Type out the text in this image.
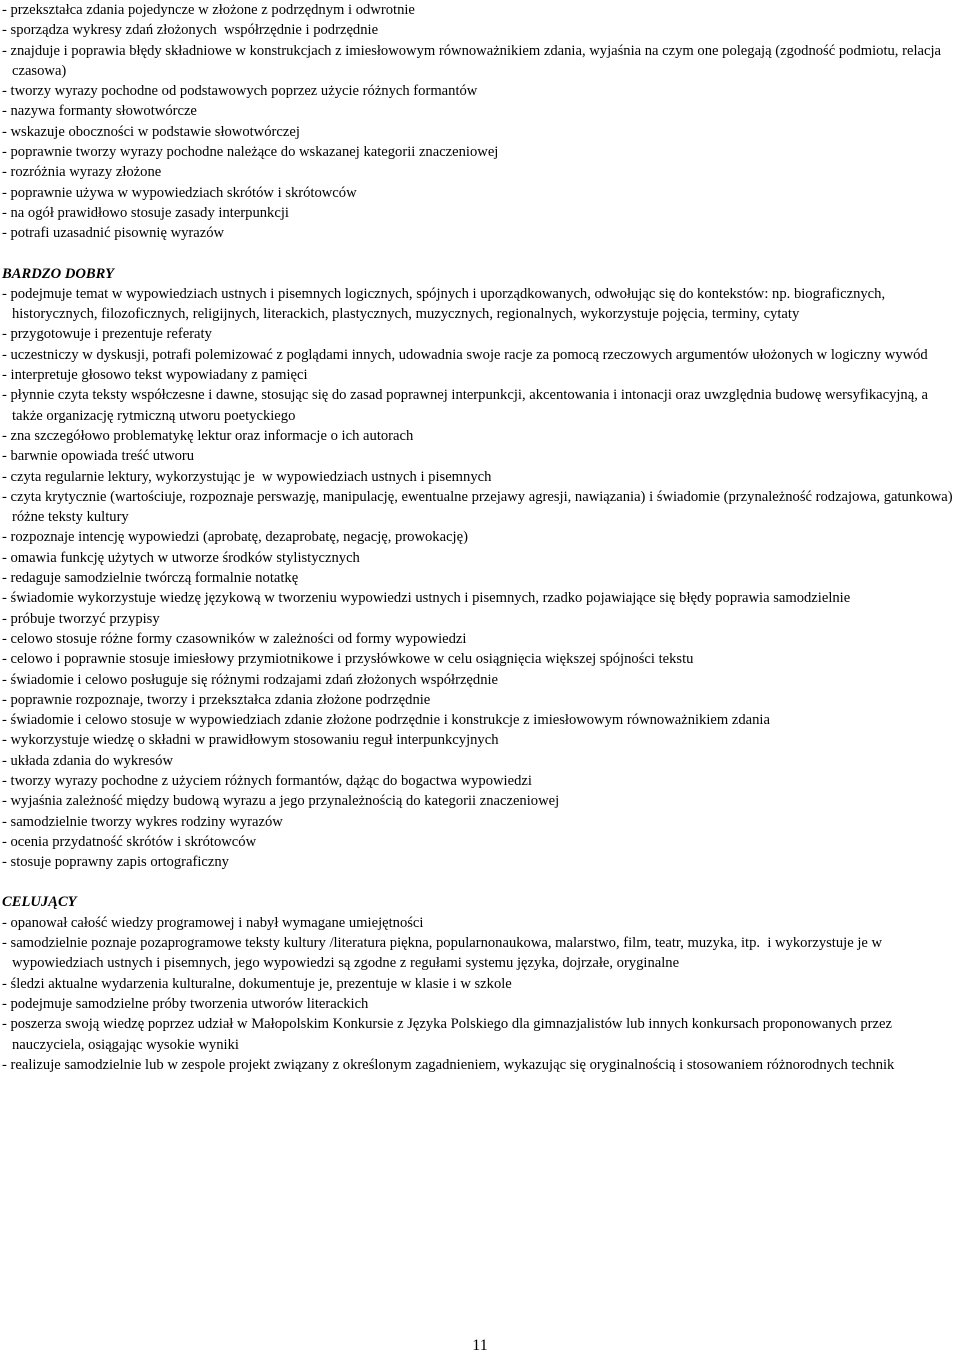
- przekształca zdania pojedyncze w złożone z podrzędnym i odwrotnie
- sporządza wykresy zdań złożonych  współrzędnie i podrzędnie
- znajduje i poprawia błędy składniowe w konstrukcjach z imiesłowowym równoważnikiem zdania, wyjaśnia na czym one polegają (zgodność podmiotu, relacja czasowa)
- tworzy wyrazy pochodne od podstawowych poprzez użycie różnych formantów
- nazywa formanty słowotwórcze
- wskazuje oboczności w podstawie słowotwórczej
- poprawnie tworzy wyrazy pochodne należące do wskazanej kategorii znaczeniowej
- rozróżnia wyrazy złożone
- poprawnie używa w wypowiedziach skrótów i skrótowców
- na ogół prawidłowo stosuje zasady interpunkcji
- potrafi uzasadnić pisownię wyrazów
BARDZO DOBRY
- podejmuje temat w wypowiedziach ustnych i pisemnych logicznych, spójnych i uporządkowanych, odwołując się do kontekstów: np. biograficznych, historycznych, filozoficznych, religijnych, literackich, plastycznych, muzycznych, regionalnych, wykorzystuje pojęcia, terminy, cytaty
- przygotowuje i prezentuje referaty
- uczestniczy w dyskusji, potrafi polemizować z poglądami innych, udowadnia swoje racje za pomocą rzeczowych argumentów ułożonych w logiczny wywód
- interpretuje głosowo tekst wypowiadany z pamięci
- płynnie czyta teksty współczesne i dawne, stosując się do zasad poprawnej interpunkcji, akcentowania i intonacji oraz uwzględnia budowę wersyfikacyjną, a także organizację rytmiczną utworu poetyckiego
- zna szczegółowo problematykę lektur oraz informacje o ich autorach
- barwnie opowiada treść utworu
- czyta regularnie lektury, wykorzystując je  w wypowiedziach ustnych i pisemnych
- czyta krytycznie (wartościuje, rozpoznaje perswazję, manipulację, ewentualne przejawy agresji, nawiązania) i świadomie (przynależność rodzajowa, gatunkowa) różne teksty kultury
- rozpoznaje intencję wypowiedzi (aprobatę, dezaprobatę, negację, prowokację)
- omawia funkcję użytych w utworze środków stylistycznych
- redaguje samodzielnie twórczą formalnie notatkę
- świadomie wykorzystuje wiedzę językową w tworzeniu wypowiedzi ustnych i pisemnych, rzadko pojawiające się błędy poprawia samodzielnie
- próbuje tworzyć przypisy
- celowo stosuje różne formy czasowników w zależności od formy wypowiedzi
- celowo i poprawnie stosuje imiesłowy przymiotnikowe i przysłówkowe w celu osiągnięcia większej spójności tekstu
- świadomie i celowo posługuje się różnymi rodzajami zdań złożonych współrzędnie
- poprawnie rozpoznaje, tworzy i przekształca zdania złożone podrzędnie
- świadomie i celowo stosuje w wypowiedziach zdanie złożone podrzędnie i konstrukcje z imiesłowowym równoważnikiem zdania
- wykorzystuje wiedzę o składni w prawidłowym stosowaniu reguł interpunkcyjnych
- układa zdania do wykresów
- tworzy wyrazy pochodne z użyciem różnych formantów, dążąc do bogactwa wypowiedzi
- wyjaśnia zależność między budową wyrazu a jego przynależnością do kategorii znaczeniowej
- samodzielnie tworzy wykres rodziny wyrazów
- ocenia przydatność skrótów i skrótowców
- stosuje poprawny zapis ortograficzny
CELUJĄCY
- opanował całość wiedzy programowej i nabył wymagane umiejętności
- samodzielnie poznaje pozaprogramowe teksty kultury /literatura piękna, popularnonaukowa, malarstwo, film, teatr, muzyka, itp.  i wykorzystuje je w wypowiedziach ustnych i pisemnych, jego wypowiedzi są zgodne z regułami systemu języka, dojrzałe, oryginalne
- śledzi aktualne wydarzenia kulturalne, dokumentuje je, prezentuje w klasie i w szkole
- podejmuje samodzielne próby tworzenia utworów literackich
- poszerza swoją wiedzę poprzez udział w Małopolskim Konkursie z Języka Polskiego dla gimnazjalistów lub innych konkursach proponowanych przez nauczyciela, osiągając wysokie wyniki
- realizuje samodzielnie lub w zespole projekt związany z określonym zagadnieniem, wykazując się oryginalnością i stosowaniem różnorodnych technik
11
